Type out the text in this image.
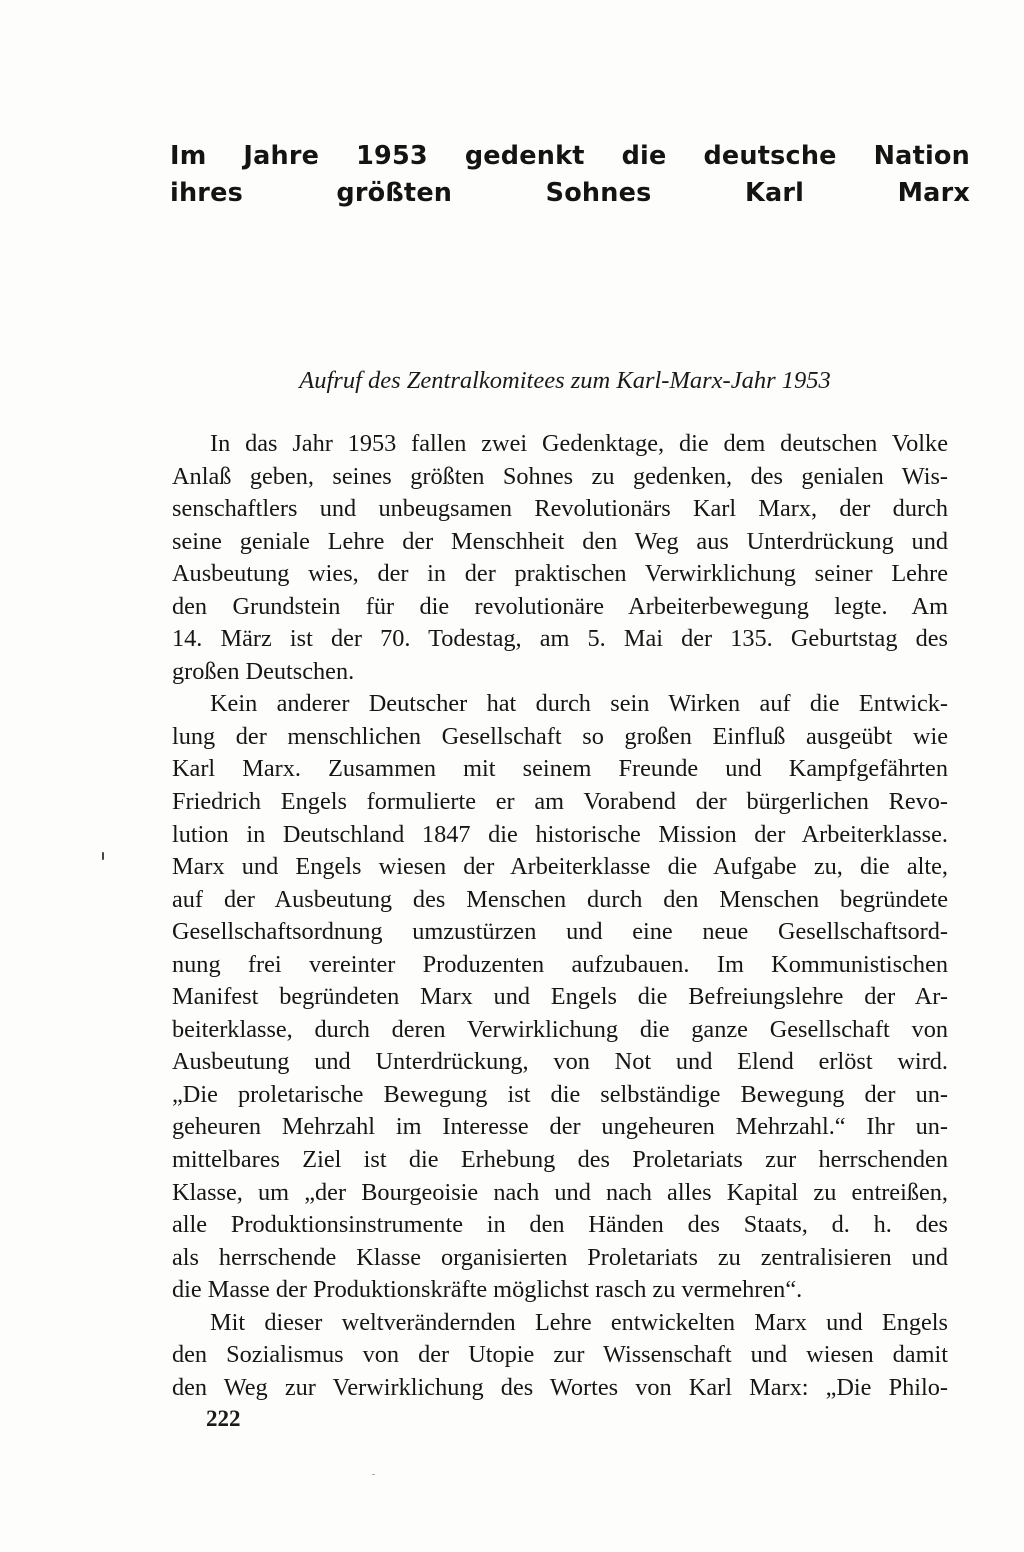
Im Jahre 1953 gedenkt die deutsche Nation
ihres größten Sohnes Karl Marx
Aufruf des Zentralkomitees zum Karl-Marx-Jahr 1953
In das Jahr 1953 fallen zwei Gedenktage, die dem deutschen Volke
Anlaß geben, seines größten Sohnes zu gedenken, des genialen Wis-
senschaftlers und unbeugsamen Revolutionärs Karl Marx, der durch
seine geniale Lehre der Menschheit den Weg aus Unterdrückung und
Ausbeutung wies, der in der praktischen Verwirklichung seiner Lehre
den Grundstein für die revolutionäre Arbeiterbewegung legte. Am
14. März ist der 70. Todestag, am 5. Mai der 135. Geburtstag des
großen Deutschen.
Kein anderer Deutscher hat durch sein Wirken auf die Entwick-
lung der menschlichen Gesellschaft so großen Einfluß ausgeübt wie
Karl Marx. Zusammen mit seinem Freunde und Kampfgefährten
Friedrich Engels formulierte er am Vorabend der bürgerlichen Revo-
lution in Deutschland 1847 die historische Mission der Arbeiterklasse.
Marx und Engels wiesen der Arbeiterklasse die Aufgabe zu, die alte,
auf der Ausbeutung des Menschen durch den Menschen begründete
Gesellschaftsordnung umzustürzen und eine neue Gesellschaftsord-
nung frei vereinter Produzenten aufzubauen. Im Kommunistischen
Manifest begründeten Marx und Engels die Befreiungslehre der Ar-
beiterklasse, durch deren Verwirklichung die ganze Gesellschaft von
Ausbeutung und Unterdrückung, von Not und Elend erlöst wird.
„Die proletarische Bewegung ist die selbständige Bewegung der un-
geheuren Mehrzahl im Interesse der ungeheuren Mehrzahl.“ Ihr un-
mittelbares Ziel ist die Erhebung des Proletariats zur herrschenden
Klasse, um „der Bourgeoisie nach und nach alles Kapital zu entreißen,
alle Produktionsinstrumente in den Händen des Staats, d. h. des
als herrschende Klasse organisierten Proletariats zu zentralisieren und
die Masse der Produktionskräfte möglichst rasch zu vermehren“.
Mit dieser weltverändernden Lehre entwickelten Marx und Engels
den Sozialismus von der Utopie zur Wissenschaft und wiesen damit
den Weg zur Verwirklichung des Wortes von Karl Marx: „Die Philo-
222
